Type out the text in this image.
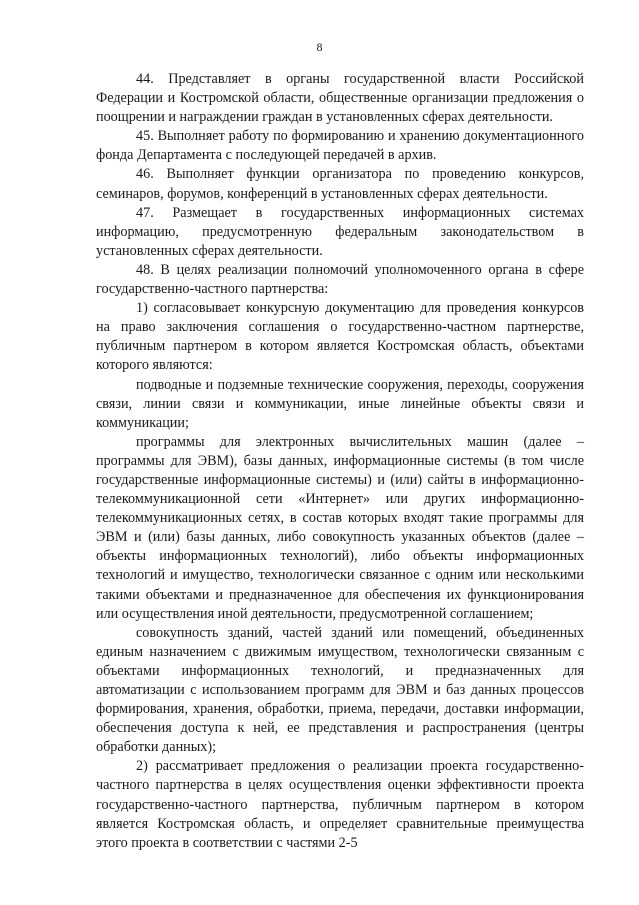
8

44. Представляет в органы государственной власти Российской Федерации и Костромской области, общественные организации предложения о поощрении и награждении граждан в установленных сферах деятельности.

45. Выполняет работу по формированию и хранению документационного фонда Департамента с последующей передачей в архив.

46. Выполняет функции организатора по проведению конкурсов, семинаров, форумов, конференций в установленных сферах деятельности.

47. Размещает в государственных информационных системах информацию, предусмотренную федеральным законодательством в установленных сферах деятельности.

48. В целях реализации полномочий уполномоченного органа в сфере государственно-частного партнерства:

1) согласовывает конкурсную документацию для проведения конкурсов на право заключения соглашения о государственно-частном партнерстве, публичным партнером в котором является Костромская область, объектами которого являются:

подводные и подземные технические сооружения, переходы, сооружения связи, линии связи и коммуникации, иные линейные объекты связи и коммуникации;

программы для электронных вычислительных машин (далее – программы для ЭВМ), базы данных, информационные системы (в том числе государственные информационные системы) и (или) сайты в информационно-телекоммуникационной сети «Интернет» или других информационно-телекоммуникационных сетях, в состав которых входят такие программы для ЭВМ и (или) базы данных, либо совокупность указанных объектов (далее – объекты информационных технологий), либо объекты информационных технологий и имущество, технологически связанное с одним или несколькими такими объектами и предназначенное для обеспечения их функционирования или осуществления иной деятельности, предусмотренной соглашением;

совокупность зданий, частей зданий или помещений, объединенных единым назначением с движимым имуществом, технологически связанным с объектами информационных технологий, и предназначенных для автоматизации с использованием программ для ЭВМ и баз данных процессов формирования, хранения, обработки, приема, передачи, доставки информации, обеспечения доступа к ней, ее представления и распространения (центры обработки данных);

2) рассматривает предложения о реализации проекта государственно-частного партнерства в целях осуществления оценки эффективности проекта государственно-частного партнерства, публичным партнером в котором является Костромская область, и определяет сравнительные преимущества этого проекта в соответствии с частями 2-5
